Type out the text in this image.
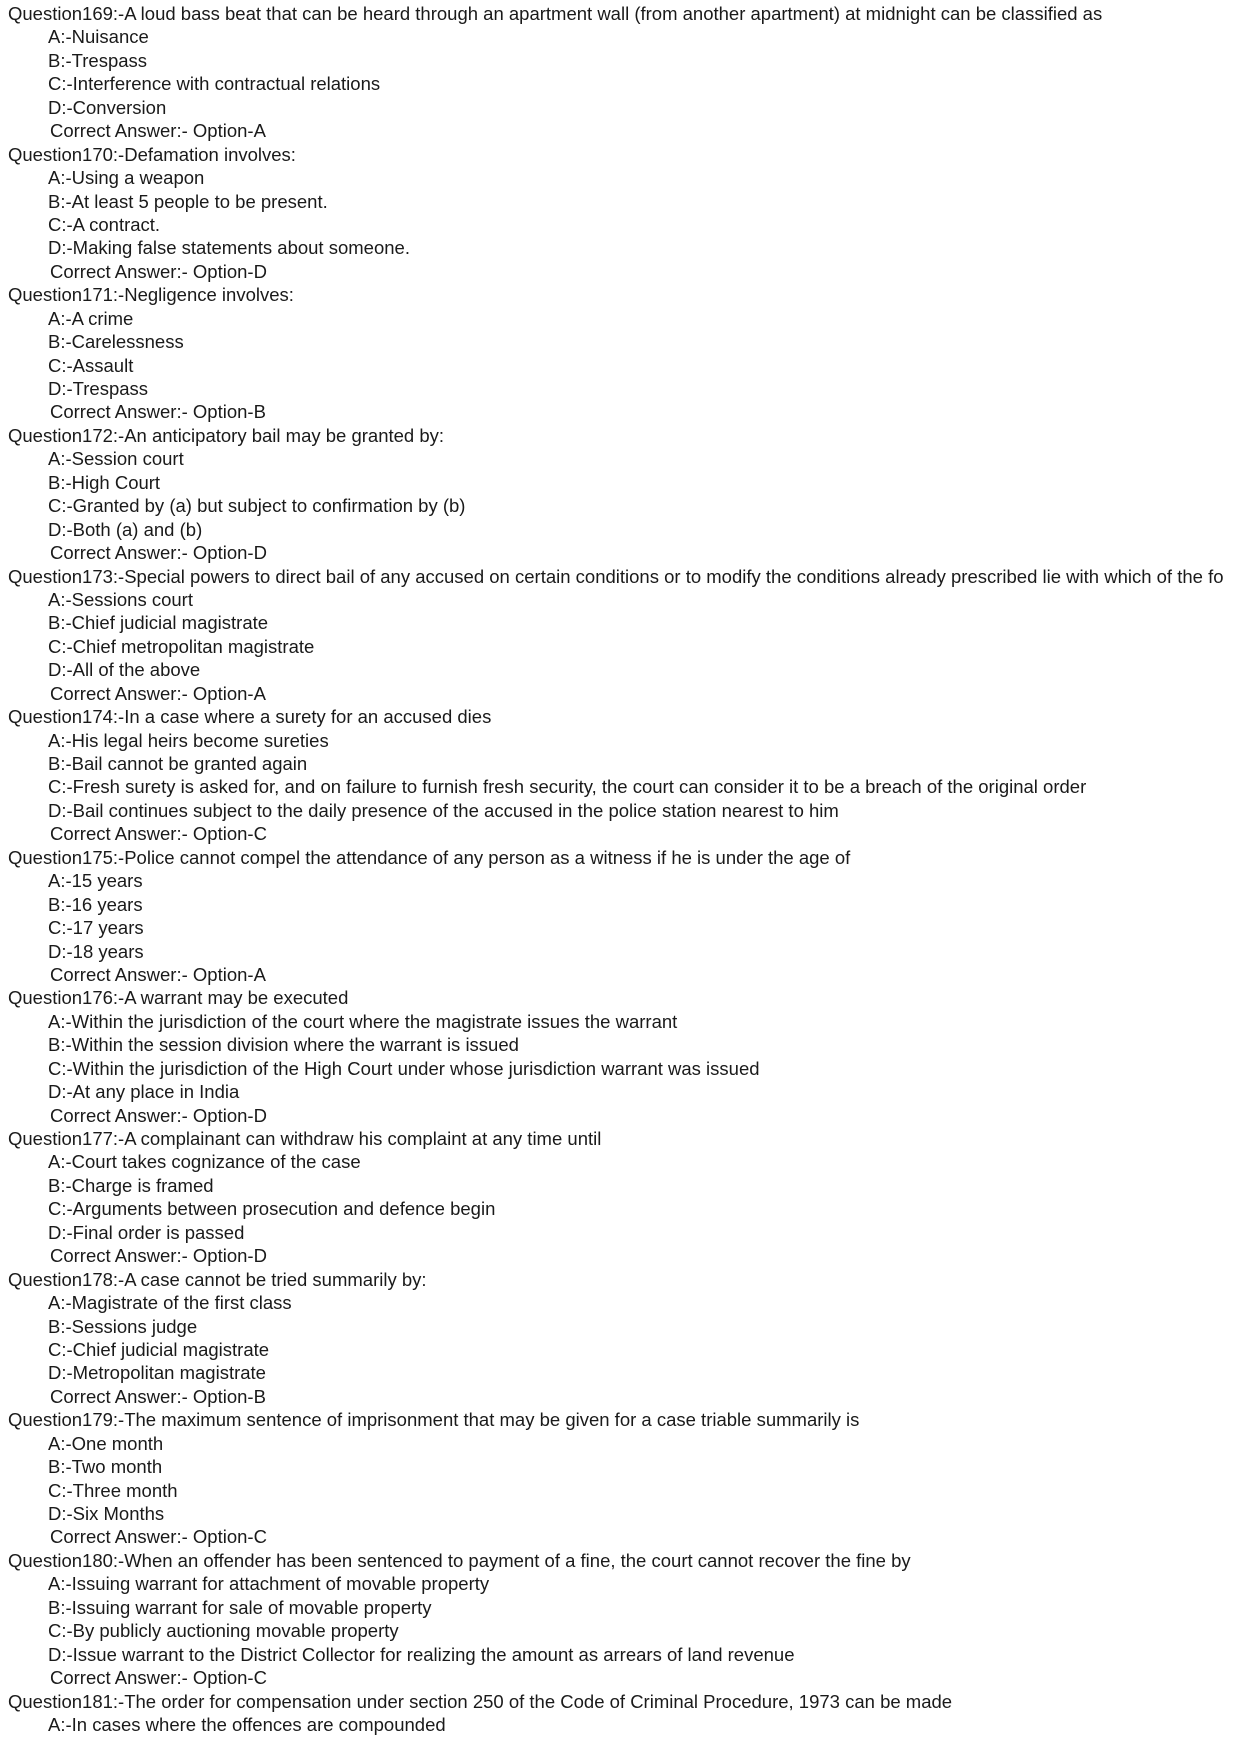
Question169:-A loud bass beat that can be heard through an apartment wall (from another apartment) at midnight can be classified as
A:-Nuisance
B:-Trespass
C:-Interference with contractual relations
D:-Conversion
Correct Answer:- Option-A
Question170:-Defamation involves:
A:-Using a weapon
B:-At least 5 people to be present.
C:-A contract.
D:-Making false statements about someone.
Correct Answer:- Option-D
Question171:-Negligence involves:
A:-A crime
B:-Carelessness
C:-Assault
D:-Trespass
Correct Answer:- Option-B
Question172:-An anticipatory bail may be granted by:
A:-Session court
B:-High Court
C:-Granted by (a) but subject to confirmation by (b)
D:-Both (a) and (b)
Correct Answer:- Option-D
Question173:-Special powers to direct bail of any accused on certain conditions or to modify the conditions already prescribed lie with which of the fo
A:-Sessions court
B:-Chief judicial magistrate
C:-Chief metropolitan magistrate
D:-All of the above
Correct Answer:- Option-A
Question174:-In a case where a surety for an accused dies
A:-His legal heirs become sureties
B:-Bail cannot be granted again
C:-Fresh surety is asked for, and on failure to furnish fresh security, the court can consider it to be a breach of the original order
D:-Bail continues subject to the daily presence of the accused in the police station nearest to him
Correct Answer:- Option-C
Question175:-Police cannot compel the attendance of any person as a witness if he is under the age of
A:-15 years
B:-16 years
C:-17 years
D:-18 years
Correct Answer:- Option-A
Question176:-A warrant may be executed
A:-Within the jurisdiction of the court where the magistrate issues the warrant
B:-Within the session division where the warrant is issued
C:-Within the jurisdiction of the High Court under whose jurisdiction warrant was issued
D:-At any place in India
Correct Answer:- Option-D
Question177:-A complainant can withdraw his complaint at any time until
A:-Court takes cognizance of the case
B:-Charge is framed
C:-Arguments between prosecution and defence begin
D:-Final order is passed
Correct Answer:- Option-D
Question178:-A case cannot be tried summarily by:
A:-Magistrate of the first class
B:-Sessions judge
C:-Chief judicial magistrate
D:-Metropolitan magistrate
Correct Answer:- Option-B
Question179:-The maximum sentence of imprisonment that may be given for a case triable summarily is
A:-One month
B:-Two month
C:-Three month
D:-Six Months
Correct Answer:- Option-C
Question180:-When an offender has been sentenced to payment of a fine, the court cannot recover the fine by
A:-Issuing warrant for attachment of movable property
B:-Issuing warrant for sale of movable property
C:-By publicly auctioning movable property
D:-Issue warrant to the District Collector for realizing the amount as arrears of land revenue
Correct Answer:- Option-C
Question181:-The order for compensation under section 250 of the Code of Criminal Procedure, 1973 can be made
A:-In cases where the offences are compounded
